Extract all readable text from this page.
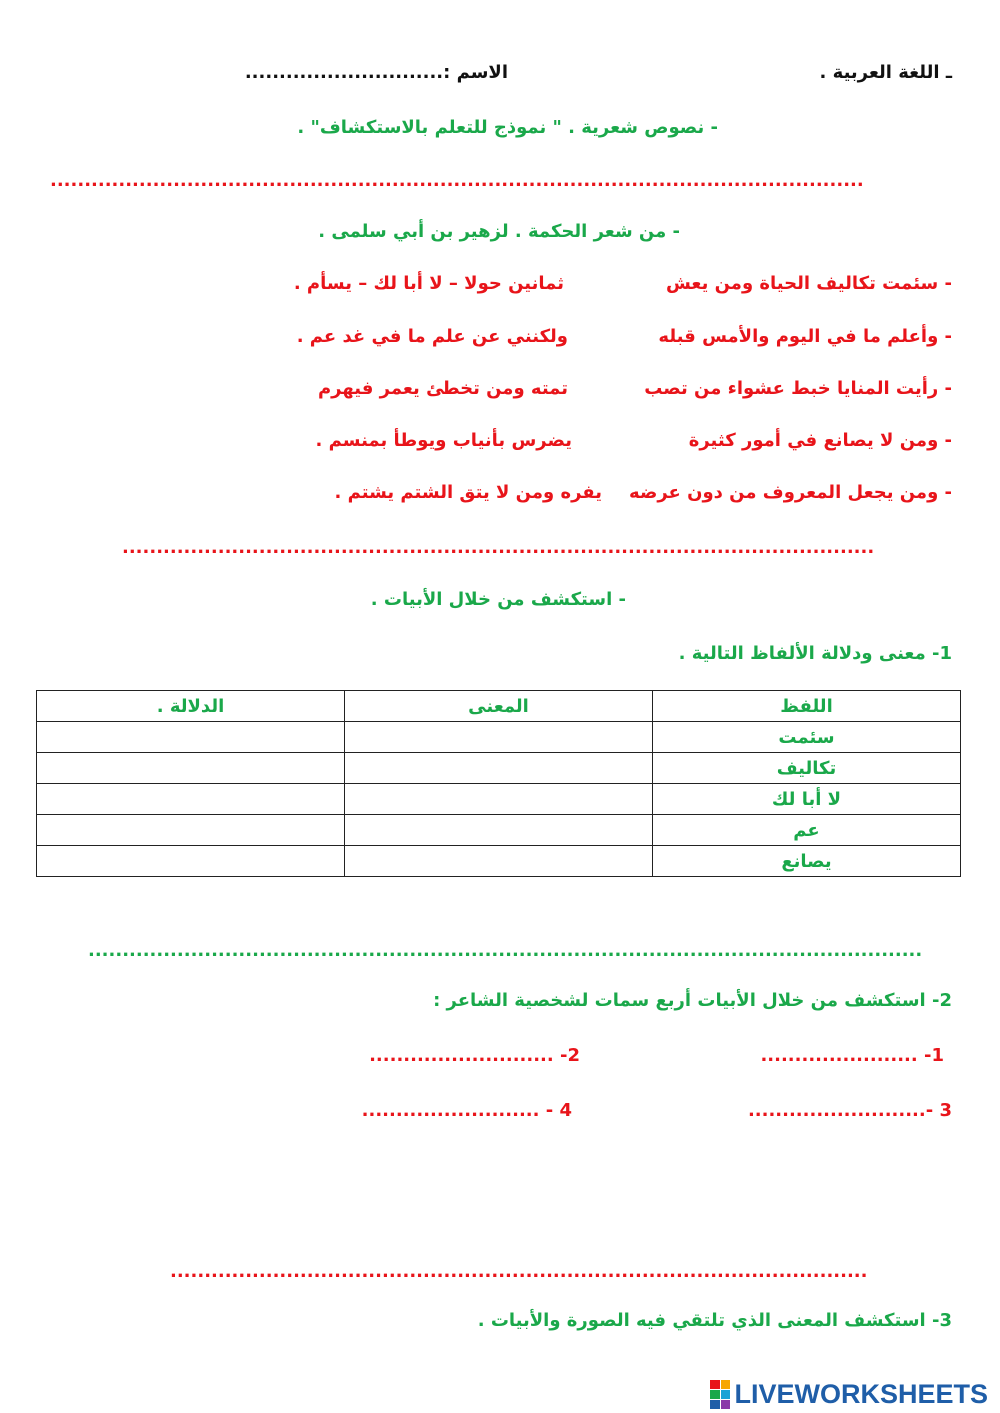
ـ اللغة العربية .
الاسم :.............................
- نصوص شعرية . " نموذج للتعلم بالاستكشاف" .
.......................................................................................................................
- من شعر الحكمة . لزهير بن أبي سلمى .
- سئمت تكاليف الحياة ومن يعش
ثمانين حولا – لا أبا لك – يسأم .
- وأعلم ما في اليوم والأمس قبله
ولكنني عن علم ما في غد عم .
- رأيت المنايا خبط عشواء من تصب
تمته ومن تخطئ يعمر فيهرم
- ومن لا يصانع في أمور كثيرة
يضرس بأنياب ويوطأ بمنسم .
- ومن يجعل المعروف من دون عرضه
يفره ومن لا يتق الشتم يشتم .
..............................................................................................................
- استكشف من خلال الأبيات .
1- معنى ودلالة الألفاظ التالية .
اللفظ	المعنى	الدلالة .
سئمت		
تكاليف		
لا أبا لك		
عم		
يصانع		
..........................................................................................................................
2- استكشف من خلال الأبيات أربع سمات لشخصية الشاعر :
1- .......................
2- ...........................
3 -..........................
4 - ..........................
......................................................................................................
3- استكشف المعنى الذي تلتقي فيه الصورة والأبيات .
LIVEWORKSHEETS
